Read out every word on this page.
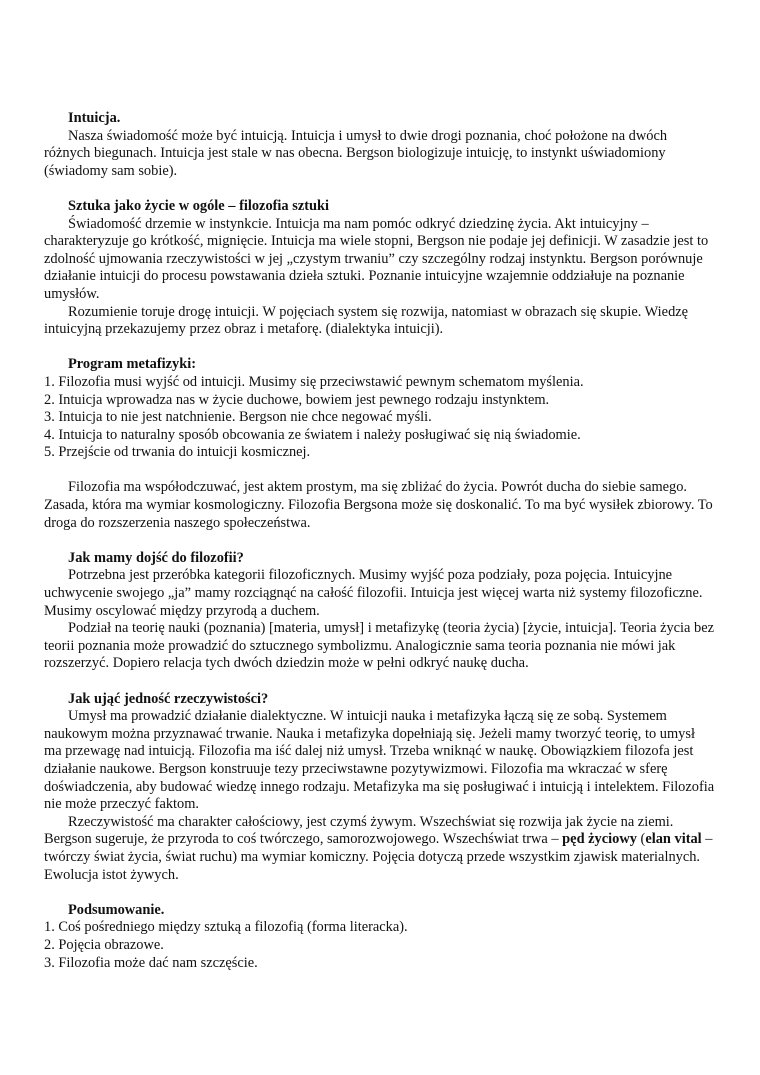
Intuicja.
Nasza świadomość może być intuicją. Intuicja i umysł to dwie drogi poznania, choć położone na dwóch różnych biegunach. Intuicja jest stale w nas obecna. Bergson biologizuje intuicję, to instynkt uświadomiony (świadomy sam sobie).
Sztuka jako życie w ogóle – filozofia sztuki
Świadomość drzemie w instynkcie. Intuicja ma nam pomóc odkryć dziedzinę życia. Akt intuicyjny – charakteryzuje go krótkość, mignięcie. Intuicja ma wiele stopni, Bergson nie podaje jej definicji. W zasadzie jest to zdolność ujmowania rzeczywistości w jej „czystym trwaniu” czy szczególny rodzaj instynktu. Bergson porównuje działanie intuicji do procesu powstawania dzieła sztuki. Poznanie intuicyjne wzajemnie oddziałuje na poznanie umysłów.
Rozumienie toruje drogę intuicji. W pojęciach system się rozwija, natomiast w obrazach się skupie. Wiedzę intuicyjną przekazujemy przez obraz i metaforę. (dialektyka intuicji).
Program metafizyki:
1. Filozofia musi wyjść od intuicji. Musimy się przeciwstawić pewnym schematom myślenia.
2. Intuicja wprowadza nas w życie duchowe, bowiem jest pewnego rodzaju instynktem.
3. Intuicja to nie jest natchnienie. Bergson nie chce negować myśli.
4. Intuicja to naturalny sposób obcowania ze światem i należy posługiwać się nią świadomie.
5. Przejście od trwania do intuicji kosmicznej.
Filozofia ma współodczuwać, jest aktem prostym, ma się zbliżać do życia. Powrót ducha do siebie samego. Zasada, która ma wymiar kosmologiczny. Filozofia Bergsona może się doskonalić. To ma być wysiłek zbiorowy. To droga do rozszerzenia naszego społeczeństwa.
Jak mamy dojść do filozofii?
Potrzebna jest przeróbka kategorii filozoficznych. Musimy wyjść poza podziały, poza pojęcia. Intuicyjne uchwycenie swojego „ja” mamy rozciągnąć na całość filozofii. Intuicja jest więcej warta niż systemy filozoficzne. Musimy oscylować między przyrodą a duchem.
Podział na teorię nauki (poznania) [materia, umysł] i metafizykę (teoria życia) [życie, intuicja]. Teoria życia bez teorii poznania może prowadzić do sztucznego symbolizmu. Analogicznie sama teoria poznania nie mówi jak rozszerzyć. Dopiero relacja tych dwóch dziedzin może w pełni odkryć naukę ducha.
Jak ująć jedność rzeczywistości?
Umysł ma prowadzić działanie dialektyczne. W intuicji nauka i metafizyka łączą się ze sobą. Systemem naukowym można przyznawać trwanie. Nauka i metafizyka dopełniają się. Jeżeli mamy tworzyć teorię, to umysł ma przewagę nad intuicją. Filozofia ma iść dalej niż umysł. Trzeba wniknąć w naukę. Obowiązkiem filozofa jest działanie naukowe. Bergson konstruuje tezy przeciwstawne pozytywizmowi. Filozofia ma wkraczać w sferę doświadczenia, aby budować wiedzę innego rodzaju. Metafizyka ma się posługiwać i intuicją i intelektem. Filozofia nie może przeczyć faktom.
Rzeczywistość ma charakter całościowy, jest czymś żywym. Wszechświat się rozwija jak życie na ziemi. Bergson sugeruje, że przyroda to coś twórczego, samorozwojowego. Wszechświat trwa – pęd życiowy (elan vital – twórczy świat życia, świat ruchu) ma wymiar komiczny. Pojęcia dotyczą przede wszystkim zjawisk materialnych. Ewolucja istot żywych.
Podsumowanie.
1. Coś pośredniego między sztuką a filozofią (forma literacka).
2. Pojęcia obrazowe.
3. Filozofia może dać nam szczęście.
